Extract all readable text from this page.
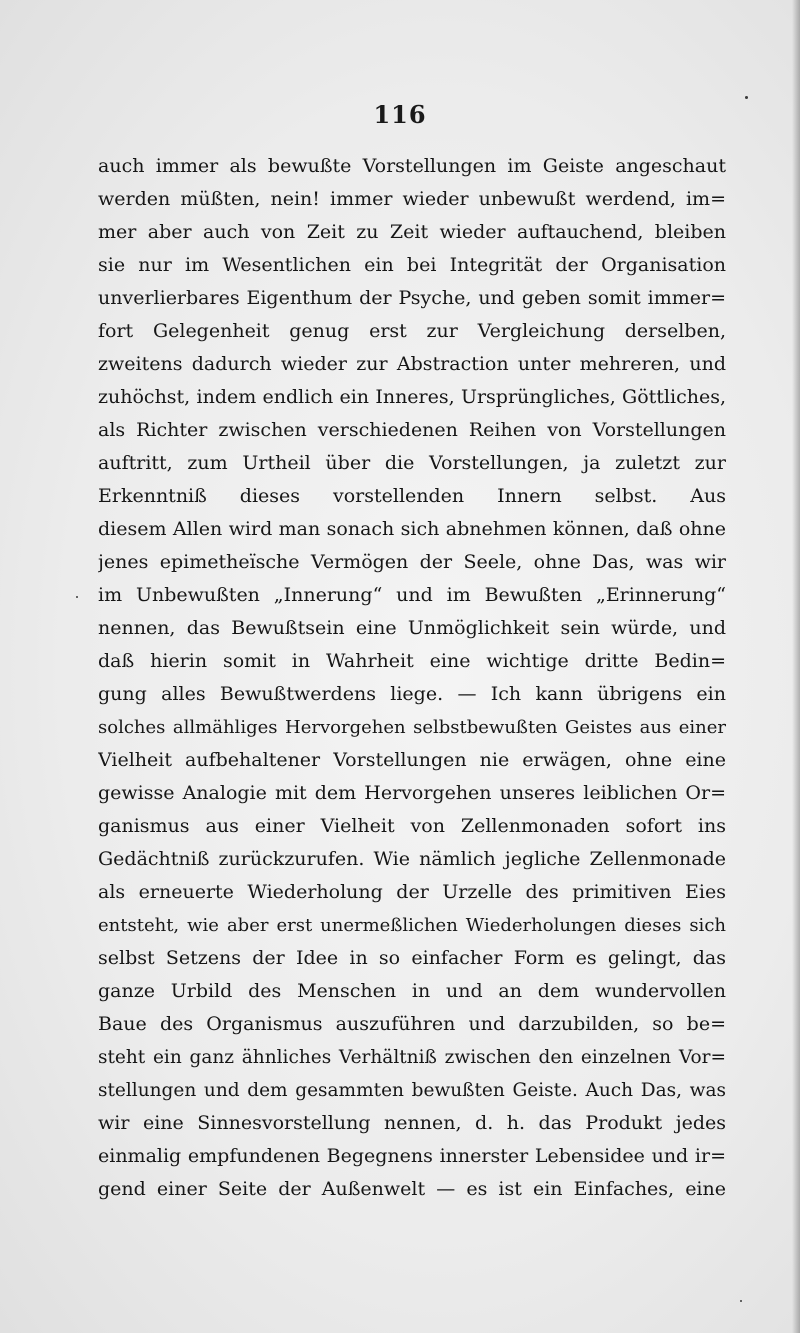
116
auch immer als bewußte Vorstellungen im Geiste angeschaut
werden müßten, nein! immer wieder unbewußt werdend, im=
mer aber auch von Zeit zu Zeit wieder auftauchend, bleiben
sie nur im Wesentlichen ein bei Integrität der Organisation
unverlierbares Eigenthum der Psyche, und geben somit immer=
fort Gelegenheit genug erst zur Vergleichung derselben,
zweitens dadurch wieder zur Abstraction unter mehreren, und
zuhöchst, indem endlich ein Inneres, Ursprüngliches, Göttliches,
als Richter zwischen verschiedenen Reihen von Vorstellungen
auftritt, zum Urtheil über die Vorstellungen, ja zuletzt zur
Erkenntniß dieses vorstellenden Innern selbst. Aus
diesem Allen wird man sonach sich abnehmen können, daß ohne
jenes epimetheïsche Vermögen der Seele, ohne Das, was wir
im Unbewußten „Innerung“ und im Bewußten „Erinnerung“
nennen, das Bewußtsein eine Unmöglichkeit sein würde, und
daß hierin somit in Wahrheit eine wichtige dritte Bedin=
gung alles Bewußtwerdens liege. — Ich kann übrigens ein
solches allmähliges Hervorgehen selbstbewußten Geistes aus einer
Vielheit aufbehaltener Vorstellungen nie erwägen, ohne eine
gewisse Analogie mit dem Hervorgehen unseres leiblichen Or=
ganismus aus einer Vielheit von Zellenmonaden sofort ins
Gedächtniß zurückzurufen. Wie nämlich jegliche Zellenmonade
als erneuerte Wiederholung der Urzelle des primitiven Eies
entsteht, wie aber erst unermeßlichen Wiederholungen dieses sich
selbst Setzens der Idee in so einfacher Form es gelingt, das
ganze Urbild des Menschen in und an dem wundervollen
Baue des Organismus auszuführen und darzubilden, so be=
steht ein ganz ähnliches Verhältniß zwischen den einzelnen Vor=
stellungen und dem gesammten bewußten Geiste. Auch Das, was
wir eine Sinnesvorstellung nennen, d. h. das Produkt jedes
einmalig empfundenen Begegnens innerster Lebensidee und ir=
gend einer Seite der Außenwelt — es ist ein Einfaches, eine
